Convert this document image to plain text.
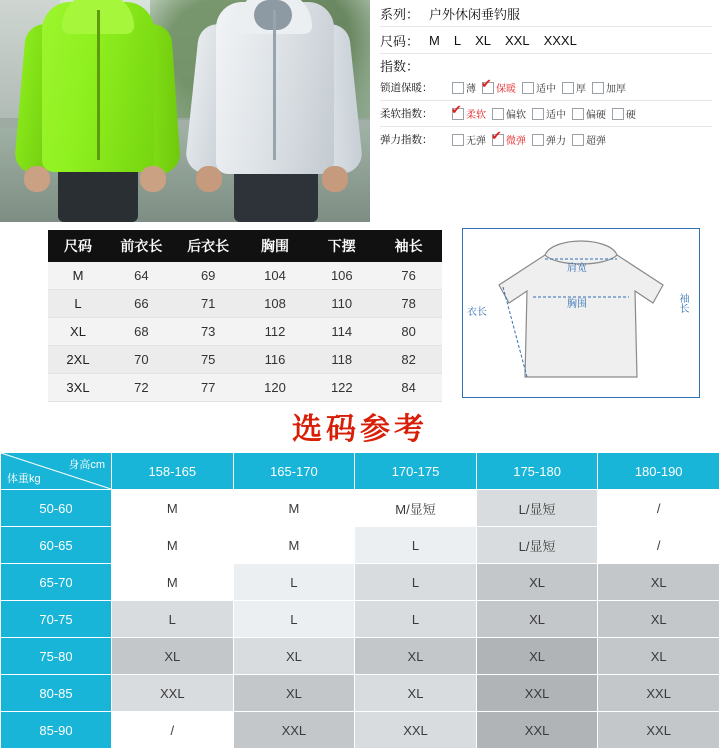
系列： 户外休闲垂钓服
尺码： M L XL XXL XXXL
指数：
锁道保暖：	薄 ✔ 保暖 适中 厚 加厚
柔软指数： ✔	柔软 偏软 适中 偏硬 硬
弹力指数：	无弹 ✔ 微弹 弹力 超弹
尺码	前衣长	后衣长	胸围	下摆	袖长
M	64	69	104	106	76
L	66	71	108	110	78
XL	68	73	112	114	80
2XL	70	75	116	118	82
3XL	72	77	120	122	84
肩宽
胸围
衣长	袖长
选码参考
身高cm
体重kg	158-165	165-170	170-175	175-180	180-190
50-60	M	M	M/显短	L/显短	/
60-65	M	M	L	L/显短	/
65-70	M	L	L	XL	XL
70-75	L	L	L	XL	XL
75-80	XL	XL	XL	XL	XL
80-85	XXL	XL	XL	XXL	XXL
85-90	/	XXL	XXL	XXL	XXL
